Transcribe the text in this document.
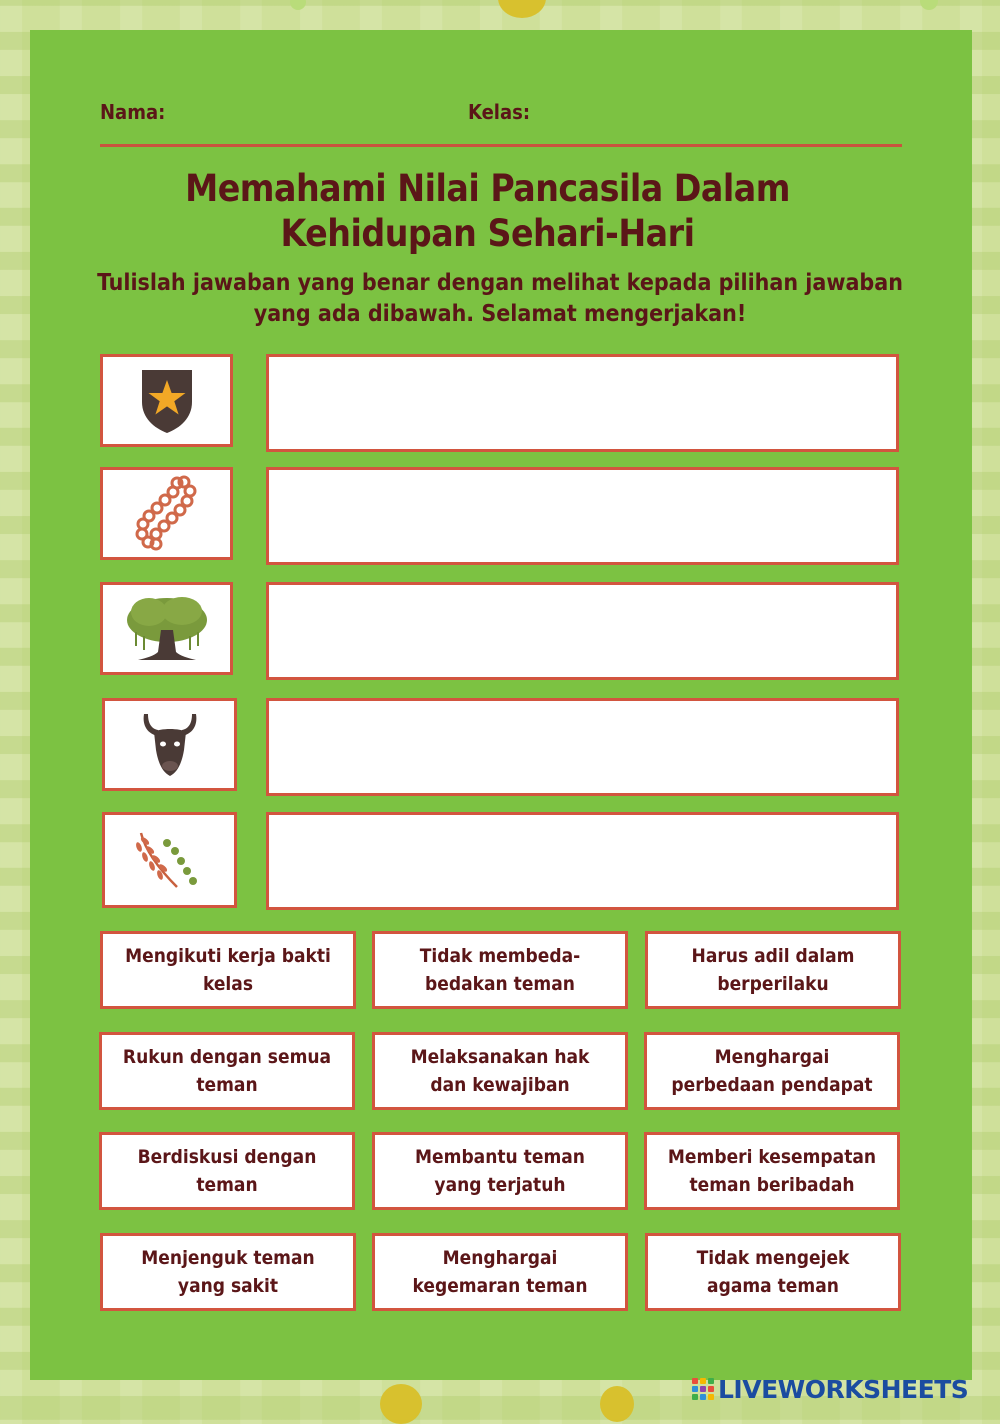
Nama:	Kelas:
Memahami Nilai Pancasila Dalam
Kehidupan Sehari-Hari
Tulislah jawaban yang benar dengan melihat kepada pilihan jawaban
yang ada dibawah. Selamat mengerjakan!
Mengikuti kerja bakti
kelas
Tidak membeda-
bedakan teman
Harus adil dalam
berperilaku
Rukun dengan semua
teman
Melaksanakan hak
dan kewajiban
Menghargai
perbedaan pendapat
Berdiskusi dengan
teman
Membantu teman
yang terjatuh
Memberi kesempatan
teman beribadah
Menjenguk teman
yang sakit
Menghargai
kegemaran teman
Tidak mengejek
agama teman
LIVEWORKSHEETS
